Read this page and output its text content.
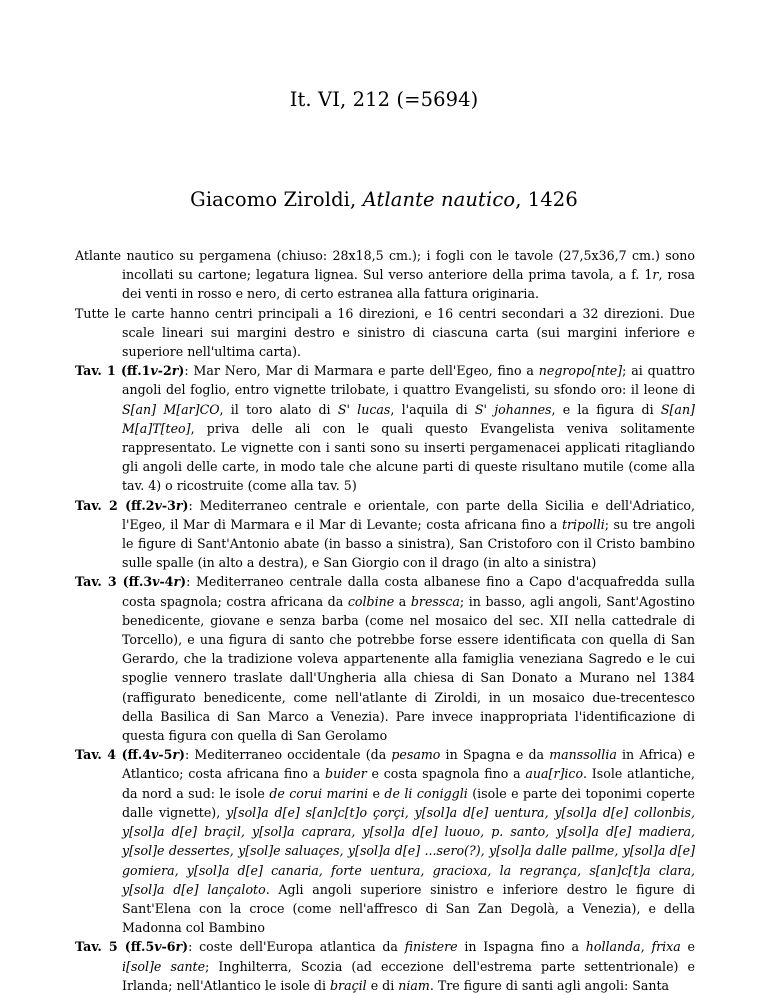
It. VI, 212 (=5694)
Giacomo Ziroldi, Atlante nautico, 1426

Atlante nautico su pergamena (chiuso: 28x18,5 cm.); i fogli con le tavole (27,5x36,7 cm.) sono incollati su cartone; legatura lignea. Sul verso anteriore della prima tavola, a f. 1r, rosa dei venti in rosso e nero, di certo estranea alla fattura originaria.

Tutte le carte hanno centri principali a 16 direzioni, e 16 centri secondari a 32 direzioni. Due scale lineari sui margini destro e sinistro di ciascuna carta (sui margini inferiore e superiore nell'ultima carta).

Tav. 1 (ff.1v-2r): Mar Nero, Mar di Marmara e parte dell'Egeo, fino a negropo[nte]; ai quattro angoli del foglio, entro vignette trilobate, i quattro Evangelisti, su sfondo oro: il leone di S[an] M[ar]CO, il toro alato di S' lucas, l'aquila di S' johannes, e la figura di S[an] M[a]T[teo], priva delle ali con le quali questo Evangelista veniva solitamente rappresentato. Le vignette con i santi sono su inserti pergamenacei applicati ritagliando gli angoli delle carte, in modo tale che alcune parti di queste risultano mutile (come alla tav. 4) o ricostruite (come alla tav. 5)

Tav. 2 (ff.2v-3r): Mediterraneo centrale e orientale, con parte della Sicilia e dell'Adriatico, l'Egeo, il Mar di Marmara e il Mar di Levante; costa africana fino a tripolli; su tre angoli le figure di Sant'Antonio abate (in basso a sinistra), San Cristoforo con il Cristo bambino sulle spalle (in alto a destra), e San Giorgio con il drago (in alto a sinistra)

Tav. 3 (ff.3v-4r): Mediterraneo centrale dalla costa albanese fino a Capo d'acquafredda sulla costa spagnola; costra africana da colbine a bressca; in basso, agli angoli, Sant'Agostino benedicente, giovane e senza barba (come nel mosaico del sec. XII nella cattedrale di Torcello), e una figura di santo che potrebbe forse essere identificata con quella di San Gerardo, che la tradizione voleva appartenente alla famiglia veneziana Sagredo e le cui spoglie vennero traslate dall'Ungheria alla chiesa di San Donato a Murano nel 1384 (raffigurato benedicente, come nell'atlante di Ziroldi, in un mosaico due-trecentesco della Basilica di San Marco a Venezia). Pare invece inappropriata l'identificazione di questa figura con quella di San Gerolamo

Tav. 4 (ff.4v-5r): Mediterraneo occidentale (da pesamo in Spagna e da manssollia in Africa) e Atlantico; costa africana fino a buider e costa spagnola fino a aua[r]ico. Isole atlantiche, da nord a sud: le isole de corui marini e de li coniggli (isole e parte dei toponimi coperte dalle vignette), y[sol]a d[e] s[an]c[t]o çorçi, y[sol]a d[e] uentura, y[sol]a d[e] collonbis, y[sol]a d[e] braçil, y[sol]a caprara, y[sol]a d[e] luouo, p. santo, y[sol]a d[e] madiera, y[sol]e dessertes, y[sol]e saluaçes, y[sol]a d[e] ...sero(?), y[sol]a dalle pallme, y[sol]a d[e] gomiera, y[sol]a d[e] canaria, forte uentura, gracioxa, la regrança, s[an]c[t]a clara, y[sol]a d[e] lançaloto. Agli angoli superiore sinistro e inferiore destro le figure di Sant'Elena con la croce (come nell'affresco di San Zan Degolà, a Venezia), e della Madonna col Bambino

Tav. 5 (ff.5v-6r): coste dell'Europa atlantica da finistere in Ispagna fino a hollanda, frixa e i[sol]e sante; Inghilterra, Scozia (ad eccezione dell'estrema parte settentrionale) e Irlanda; nell'Atlantico le isole di braçil e di niam. Tre figure di santi agli angoli: Santa
